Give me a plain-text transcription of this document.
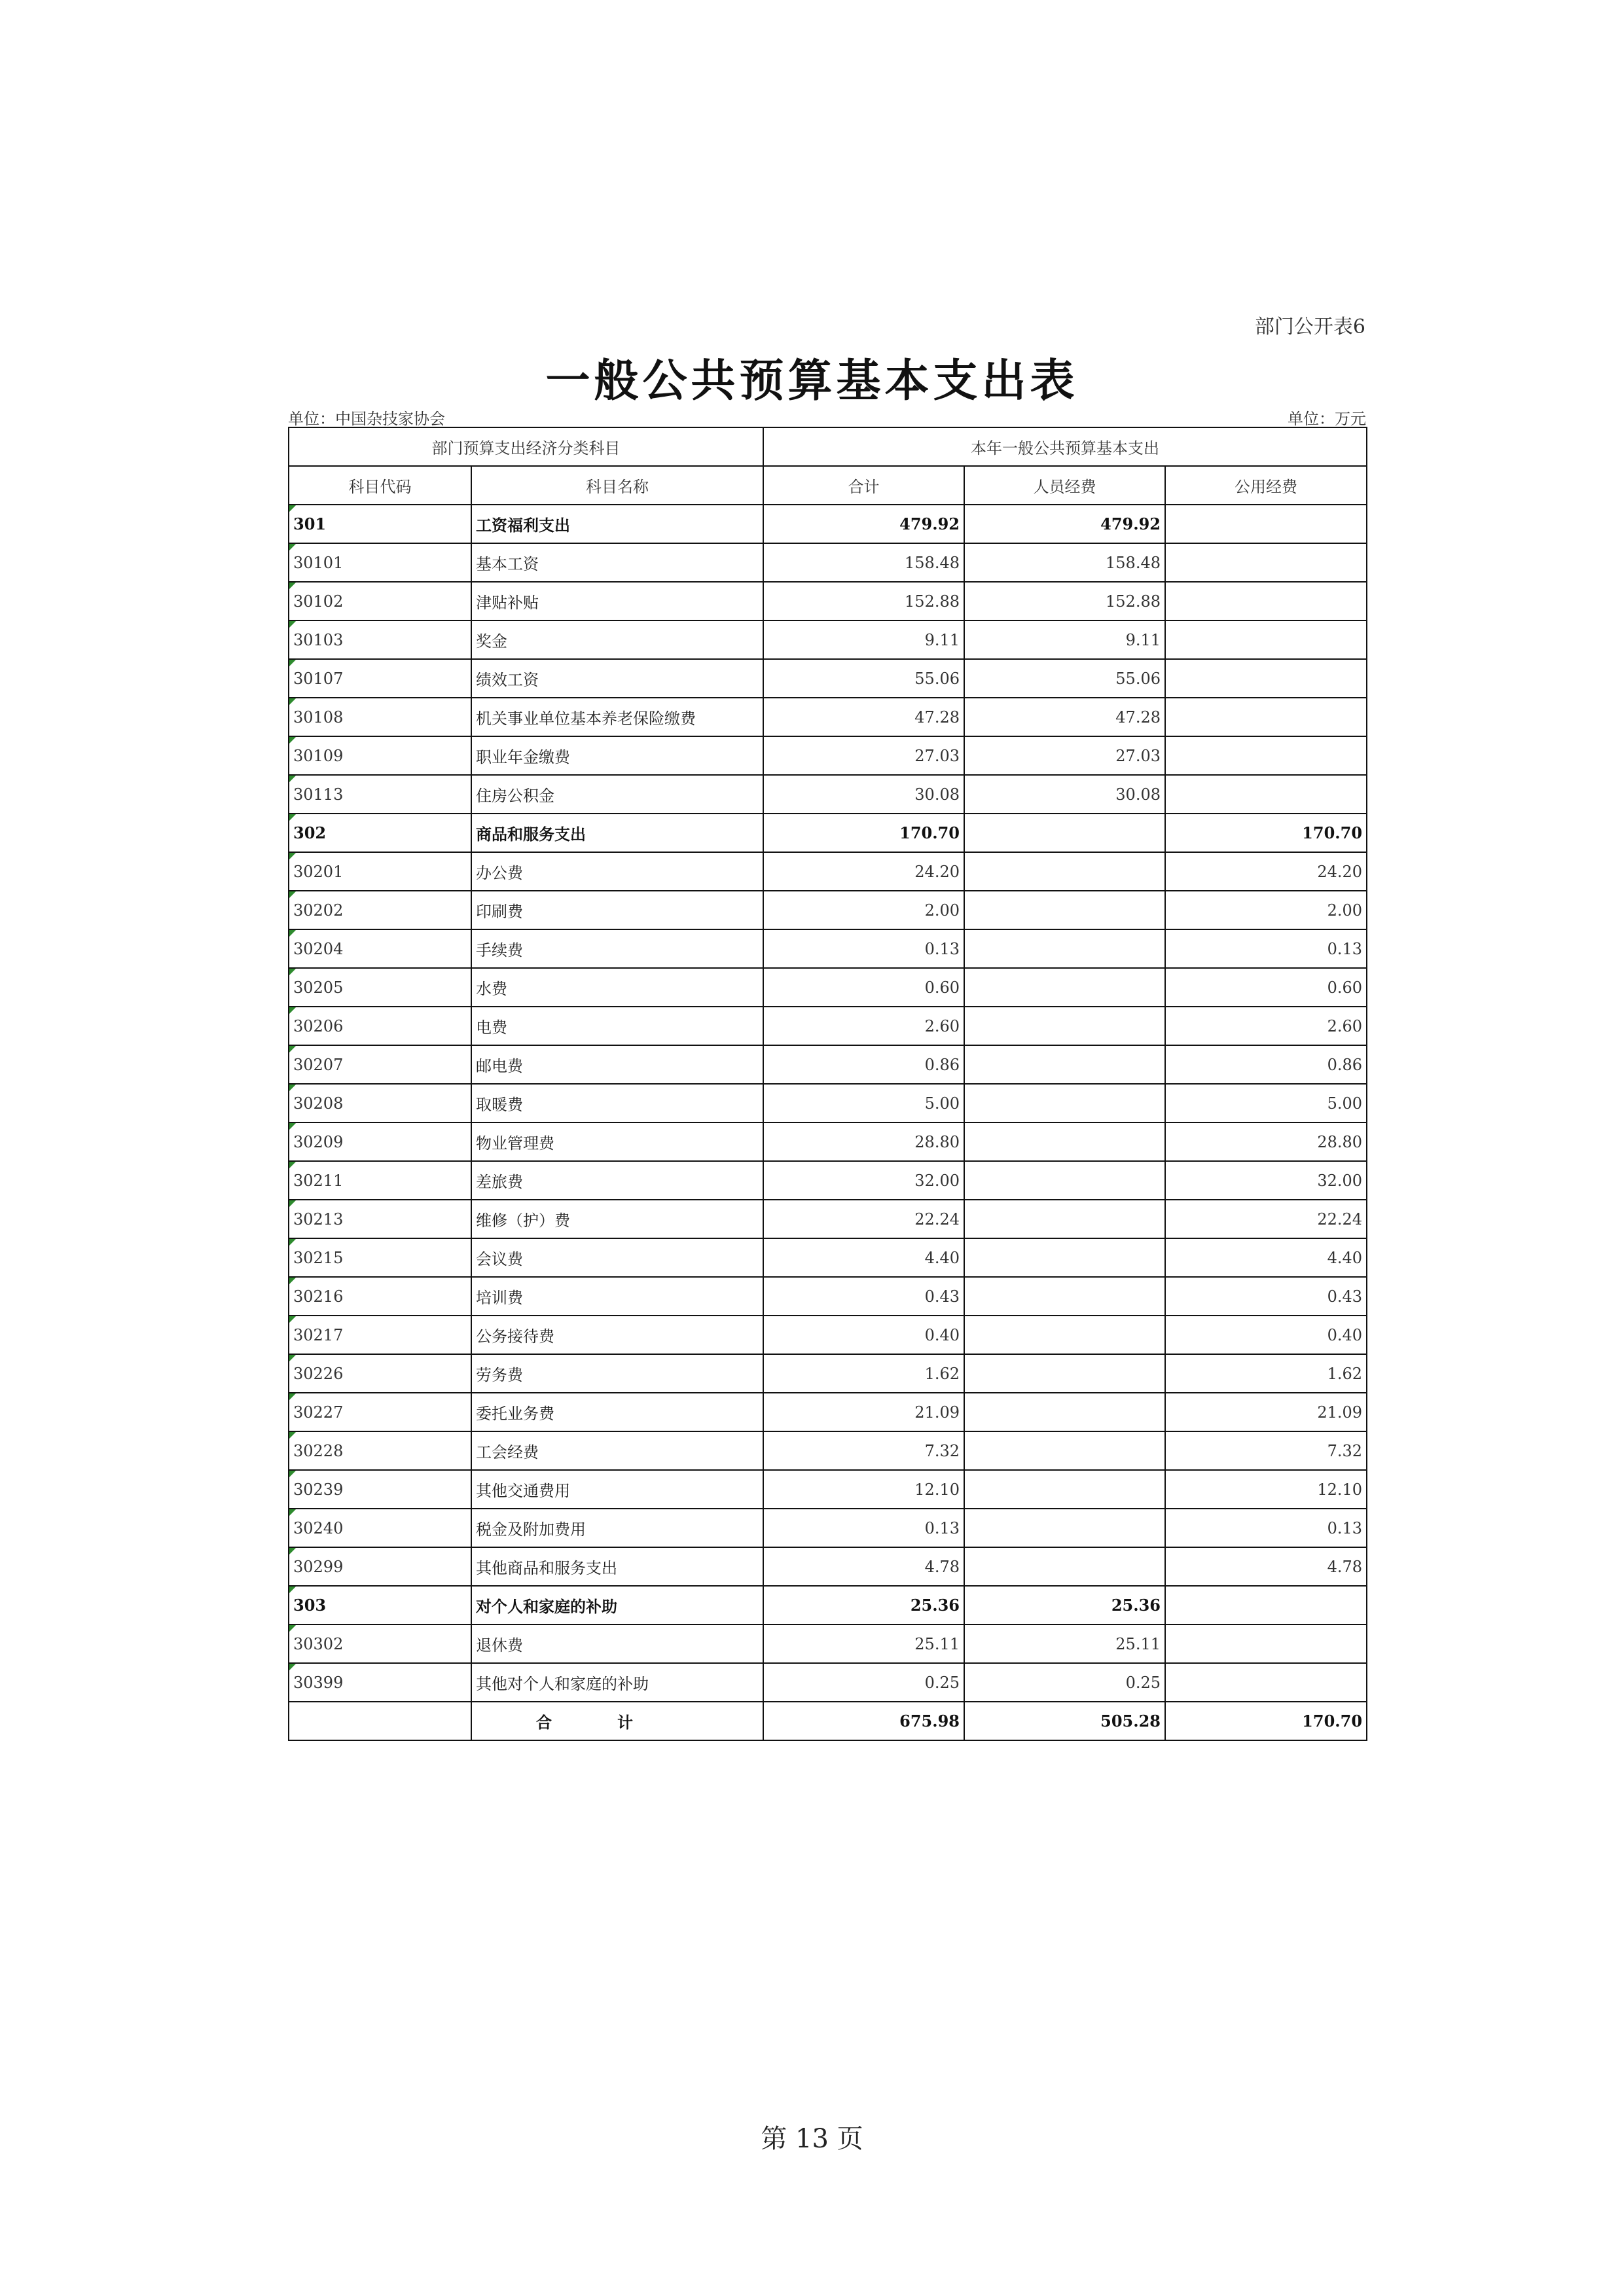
部门公开表6
一般公共预算基本支出表
单位：中国杂技家协会	单位：万元
部门预算支出经济分类科目		本年一般公共预算基本支出		
科目代码	科目名称	合计	人员经费	公用经费
301	工资福利支出	479.92	479.92	
30101	基本工资	158.48	158.48	
30102	津贴补贴	152.88	152.88	
30103	奖金	9.11	9.11	
30107	绩效工资	55.06	55.06	
30108	机关事业单位基本养老保险缴费	47.28	47.28	
30109	职业年金缴费	27.03	27.03	
30113	住房公积金	30.08	30.08	
302	商品和服务支出	170.70		170.70
30201	办公费	24.20		24.20
30202	印刷费	2.00		2.00
30204	手续费	0.13		0.13
30205	水费	0.60		0.60
30206	电费	2.60		2.60
30207	邮电费	0.86		0.86
30208	取暖费	5.00		5.00
30209	物业管理费	28.80		28.80
30211	差旅费	32.00		32.00
30213	维修（护）费	22.24		22.24
30215	会议费	4.40		4.40
30216	培训费	0.43		0.43
30217	公务接待费	0.40		0.40
30226	劳务费	1.62		1.62
30227	委托业务费	21.09		21.09
30228	工会经费	7.32		7.32
30239	其他交通费用	12.10		12.10
30240	税金及附加费用	0.13		0.13
30299	其他商品和服务支出	4.78		4.78
303	对个人和家庭的补助	25.36	25.36	
30302	退休费	25.11	25.11	
30399	其他对个人和家庭的补助	0.25	0.25	
	合计	675.98	505.28	170.70
第 13 页
